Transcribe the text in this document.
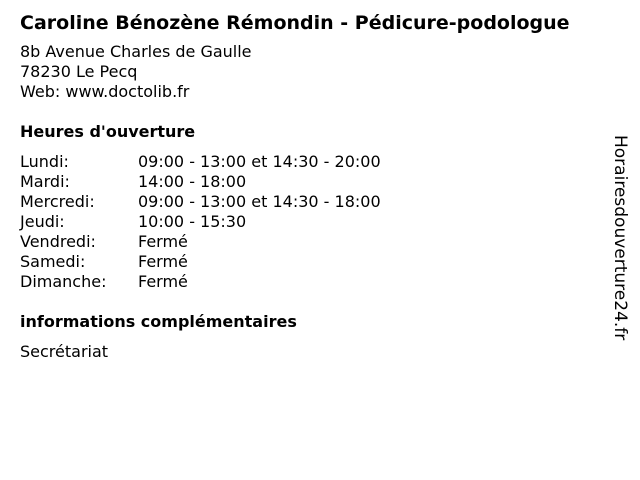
Caroline Bénozène Rémondin - Pédicure-podologue
8b Avenue Charles de Gaulle
78230 Le Pecq
Web: www.doctolib.fr
Heures d'ouverture
Lundi:	09:00 - 13:00 et 14:30 - 20:00
Mardi:	14:00 - 18:00
Mercredi:	09:00 - 13:00 et 14:30 - 18:00
Jeudi:	10:00 - 15:30
Vendredi:	Fermé
Samedi:	Fermé
Dimanche:	Fermé
informations complémentaires
Secrétariat
Horairesdouverture24.fr
